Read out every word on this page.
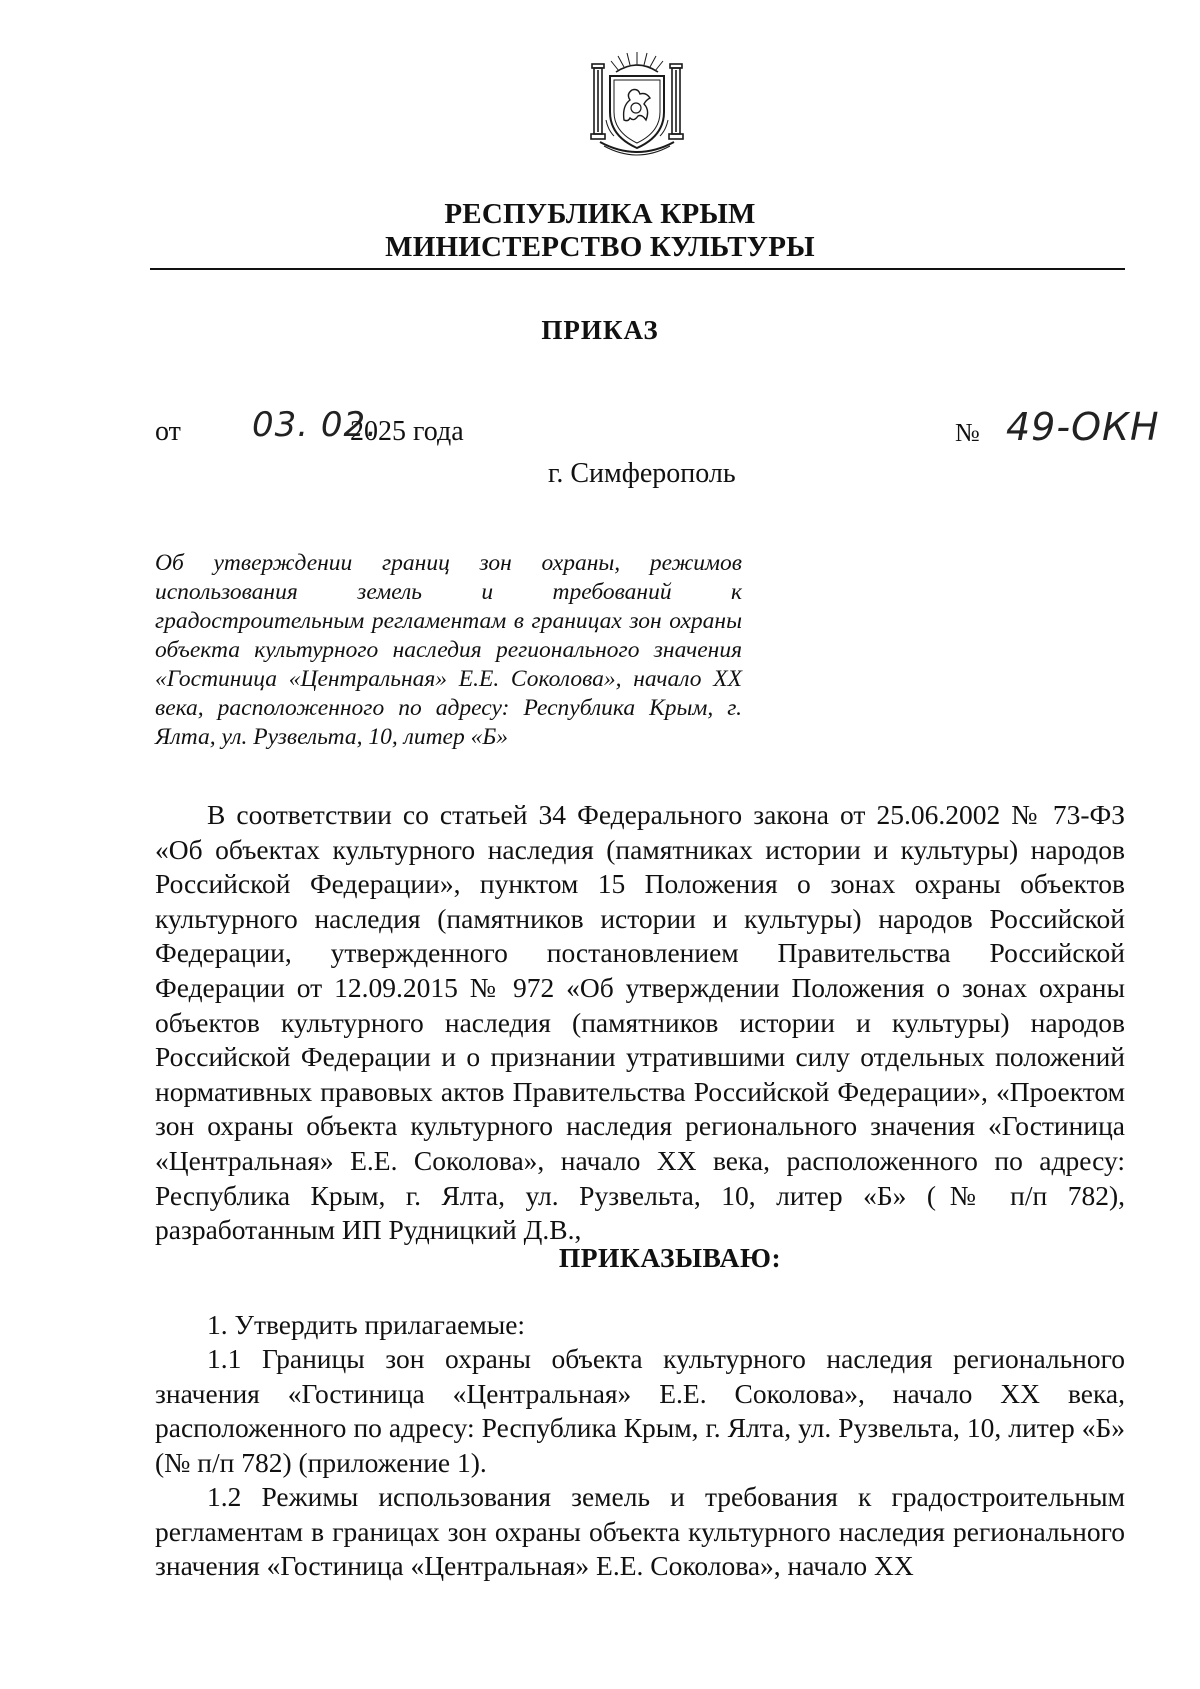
РЕСПУБЛИКА КРЫМ
МИНИСТЕРСТВО КУЛЬТУРЫ
ПРИКАЗ
от 03. 02.
2025 года	№ 49-ОКН
г. Симферополь

Об утверждении границ зон охраны, режимов использования земель и требований к градостроительным регламентам в границах зон охраны объекта культурного наследия регионального значения «Гостиница «Центральная» Е.Е. Соколова», начало XX века, расположенного по адресу: Республика Крым, г. Ялта, ул. Рузвельта, 10, литер «Б»

В соответствии со статьей 34 Федерального закона от 25.06.2002 № 73-ФЗ «Об объектах культурного наследия (памятниках истории и культуры) народов Российской Федерации», пунктом 15 Положения о зонах охраны объектов культурного наследия (памятников истории и культуры) народов Российской Федерации, утвержденного постановлением Правительства Российской Федерации от 12.09.2015 № 972 «Об утверждении Положения о зонах охраны объектов культурного наследия (памятников истории и культуры) народов Российской Федерации и о признании утратившими силу отдельных положений нормативных правовых актов Правительства Российской Федерации», «Проектом зон охраны объекта культурного наследия регионального значения «Гостиница «Центральная» Е.Е. Соколова», начало XX века, расположенного по адресу: Республика Крым, г. Ялта, ул. Рузвельта, 10, литер «Б» (№ п/п 782), разработанным ИП Рудницкий Д.В.,

ПРИКАЗЫВАЮ:

1. Утвердить прилагаемые:

1.1 Границы зон охраны объекта культурного наследия регионального значения «Гостиница «Центральная» Е.Е. Соколова», начало XX века, расположенного по адресу: Республика Крым, г. Ялта, ул. Рузвельта, 10, литер «Б» (№ п/п 782) (приложение 1).

1.2 Режимы использования земель и требования к градостроительным регламентам в границах зон охраны объекта культурного наследия регионального значения «Гостиница «Центральная» Е.Е. Соколова», начало XX
